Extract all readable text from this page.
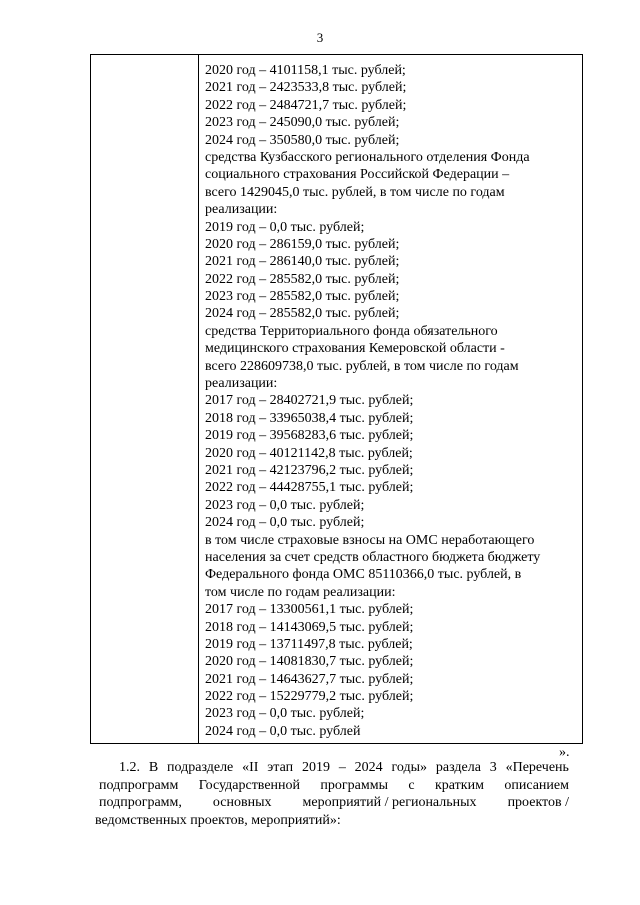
3

2020 год – 4101158,1 тыс. рублей;
2021 год – 2423533,8 тыс. рублей;
2022 год – 2484721,7 тыс. рублей;
2023 год – 245090,0 тыс. рублей;
2024 год – 350580,0 тыс. рублей;
средства Кузбасского регионального отделения Фонда
социального страхования Российской Федерации –
всего 1429045,0 тыс. рублей, в том числе по годам
реализации:
2019 год – 0,0 тыс. рублей;
2020 год – 286159,0 тыс. рублей;
2021 год – 286140,0 тыс. рублей;
2022 год – 285582,0 тыс. рублей;
2023 год – 285582,0 тыс. рублей;
2024 год – 285582,0 тыс. рублей;
средства Территориального фонда обязательного
медицинского страхования Кемеровской области -
всего 228609738,0 тыс. рублей, в том числе по годам
реализации:
2017 год – 28402721,9 тыс. рублей;
2018 год – 33965038,4 тыс. рублей;
2019 год – 39568283,6 тыс. рублей;
2020 год – 40121142,8 тыс. рублей;
2021 год – 42123796,2 тыс. рублей;
2022 год – 44428755,1 тыс. рублей;
2023 год – 0,0 тыс. рублей;
2024 год – 0,0 тыс. рублей;
в том числе страховые взносы на ОМС неработающего
населения за счет средств областного бюджета бюджету
Федерального фонда ОМС 85110366,0 тыс. рублей, в
том числе по годам реализации:
2017 год – 13300561,1 тыс. рублей;
2018 год – 14143069,5 тыс. рублей;
2019 год – 13711497,8 тыс. рублей;
2020 год – 14081830,7 тыс. рублей;
2021 год – 14643627,7 тыс. рублей;
2022 год – 15229779,2 тыс. рублей;
2023 год – 0,0 тыс. рублей;
2024 год – 0,0 тыс. рублей
».
1.2. В подразделе «II этап 2019 – 2024 годы» раздела 3 «Перечень
подпрограмм Государственной программы с кратким описанием
подпрограмм, основных мероприятий / региональных проектов /
ведомственных проектов, мероприятий»:
